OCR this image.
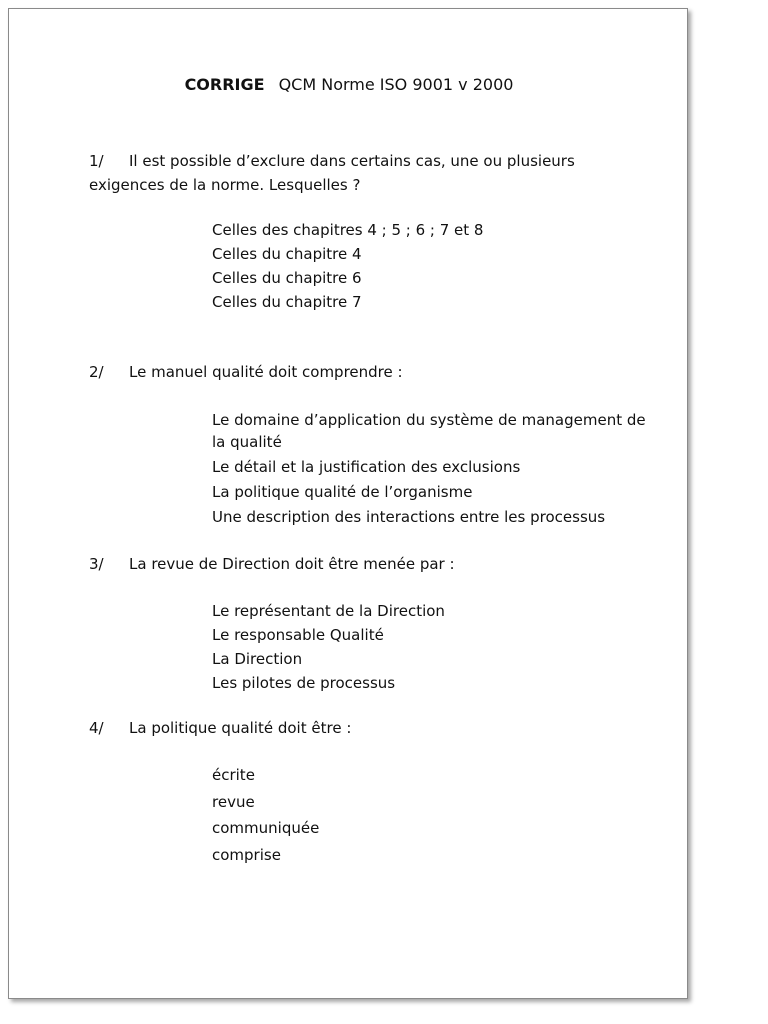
CORRIGE QCM Norme ISO 9001 v 2000
1/ Il est possible d’exclure dans certains cas, une ou plusieurs exigences de la norme. Lesquelles ?
Celles des chapitres 4 ; 5 ; 6 ; 7 et 8
Celles du chapitre 4
Celles du chapitre 6
Celles du chapitre 7
2/ Le manuel qualité doit comprendre :
Le domaine d’application du système de management de la qualité
Le détail et la justification des exclusions
La politique qualité de l’organisme
Une description des interactions entre les processus
3/ La revue de Direction doit être menée par :
Le représentant de la Direction
Le responsable Qualité
La Direction
Les pilotes de processus
4/ La politique qualité doit être :
écrite
revue
communiquée
comprise
